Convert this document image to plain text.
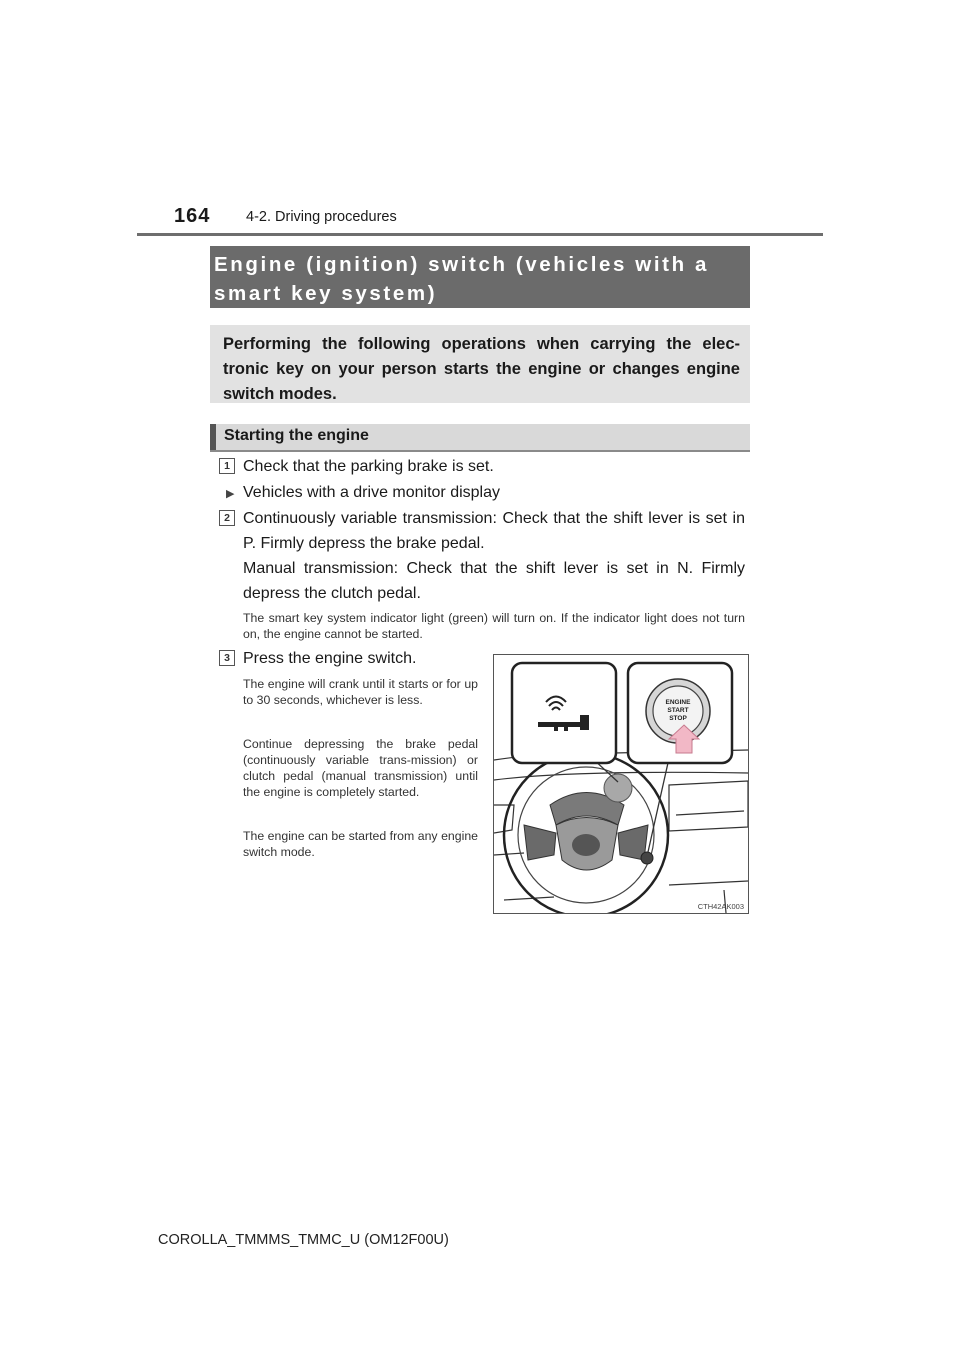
164 4-2. Driving procedures
Engine (ignition) switch (vehicles with a
smart key system)
Performing the following operations when carrying the elec-tronic key on your person starts the engine or changes engine switch modes.
Starting the engine
1 Check that the parking brake is set.
▶ Vehicles with a drive monitor display
2 Continuously variable transmission: Check that the shift lever is set in P. Firmly depress the brake pedal.
Manual transmission: Check that the shift lever is set in N. Firmly depress the clutch pedal.
The smart key system indicator light (green) will turn on. If the indicator light does not turn on, the engine cannot be started.
3 Press the engine switch.
The engine will crank until it starts or for up to 30 seconds, whichever is less.
Continue depressing the brake pedal (continuously variable trans-mission) or clutch pedal (manual transmission) until the engine is completely started.
The engine can be started from any engine switch mode.
ENGINE
START
STOP
CTH42AK003
COROLLA_TMMMS_TMMC_U (OM12F00U)
